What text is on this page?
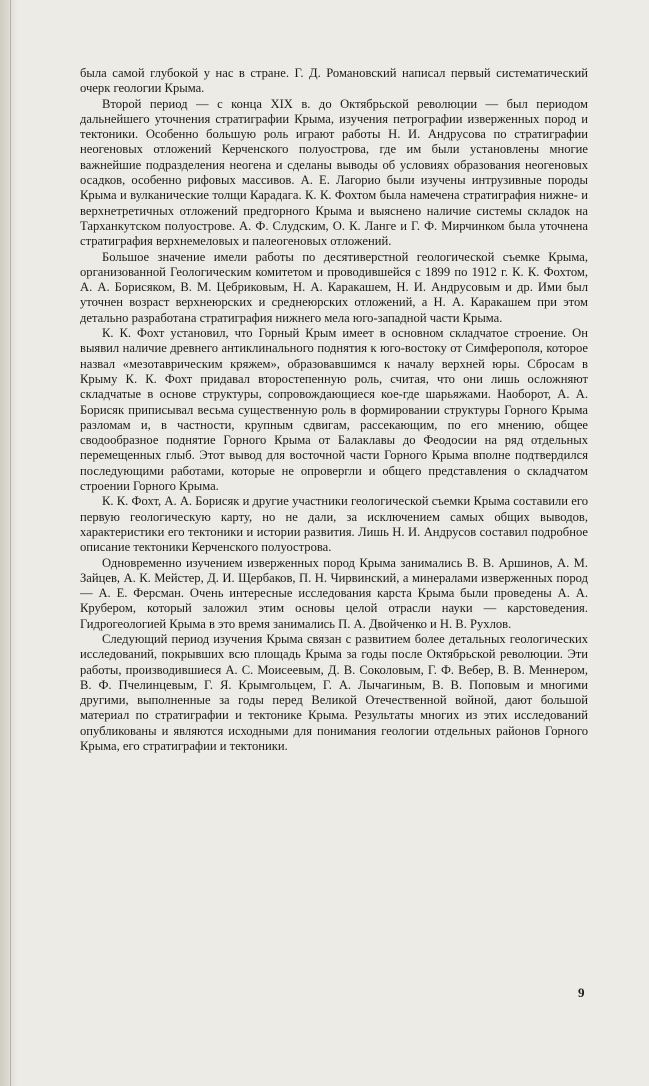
была самой глубокой у нас в стране. Г. Д. Романовский написал первый систематический очерк геологии Крыма.

Второй период — с конца XIX в. до Октябрьской революции — был периодом дальнейшего уточнения стратиграфии Крыма, изучения петрографии изверженных пород и тектоники. Особенно большую роль играют работы Н. И. Андрусова по стратиграфии неогеновых отложений Керченского полуострова, где им были установлены многие важнейшие подразделения неогена и сделаны выводы об условиях образования неогеновых осадков, особенно рифовых массивов. А. Е. Лагорио были изучены интрузивные породы Крыма и вулканические толщи Карадага. К. К. Фохтом была намечена стратиграфия нижне- и верхнетретичных отложений предгорного Крыма и выяснено наличие системы складок на Тарханкутском полуострове. А. Ф. Слудским, О. К. Ланге и Г. Ф. Мирчинком была уточнена стратиграфия верхнемеловых и палеогеновых отложений.

Большое значение имели работы по десятиверстной геологической съемке Крыма, организованной Геологическим комитетом и проводившейся с 1899 по 1912 г. К. К. Фохтом, А. А. Борисяком, В. М. Цебриковым, Н. А. Каракашем, Н. И. Андрусовым и др. Ими был уточнен возраст верхнеюрских и среднеюрских отложений, а Н. А. Каракашем при этом детально разработана стратиграфия нижнего мела юго-западной части Крыма.

К. К. Фохт установил, что Горный Крым имеет в основном складчатое строение. Он выявил наличие древнего антиклинального поднятия к юго-востоку от Симферополя, которое назвал «мезотаврическим кряжем», образовавшимся к началу верхней юры. Сбросам в Крыму К. К. Фохт придавал второстепенную роль, считая, что они лишь осложняют складчатые в основе структуры, сопровождающиеся кое-где шарьяжами. Наоборот, А. А. Борисяк приписывал весьма существенную роль в формировании структуры Горного Крыма разломам и, в частности, крупным сдвигам, рассекающим, по его мнению, общее сводообразное поднятие Горного Крыма от Балаклавы до Феодосии на ряд отдельных перемещенных глыб. Этот вывод для восточной части Горного Крыма вполне подтвердился последующими работами, которые не опровергли и общего представления о складчатом строении Горного Крыма.

К. К. Фохт, А. А. Борисяк и другие участники геологической съемки Крыма составили его первую геологическую карту, но не дали, за исключением самых общих выводов, характеристики его тектоники и истории развития. Лишь Н. И. Андрусов составил подробное описание тектоники Керченского полуострова.

Одновременно изучением изверженных пород Крыма занимались В. В. Аршинов, А. М. Зайцев, А. К. Мейстер, Д. И. Щербаков, П. Н. Чирвинский, а минералами изверженных пород — А. Е. Ферсман. Очень интересные исследования карста Крыма были проведены А. А. Крубером, который заложил этим основы целой отрасли науки — карстоведения. Гидрогеологией Крыма в это время занимались П. А. Двойченко и Н. В. Рухлов.

Следующий период изучения Крыма связан с развитием более детальных геологических исследований, покрывших всю площадь Крыма за годы после Октябрьской революции. Эти работы, производившиеся А. С. Моисеевым, Д. В. Соколовым, Г. Ф. Вебер, В. В. Меннером, В. Ф. Пчелинцевым, Г. Я. Крымгольцем, Г. А. Лычагиным, В. В. Поповым и многими другими, выполненные за годы перед Великой Отечественной войной, дают большой материал по стратиграфии и тектонике Крыма. Результаты многих из этих исследований опубликованы и являются исходными для понимания геологии отдельных районов Горного Крыма, его стратиграфии и тектоники.

9
